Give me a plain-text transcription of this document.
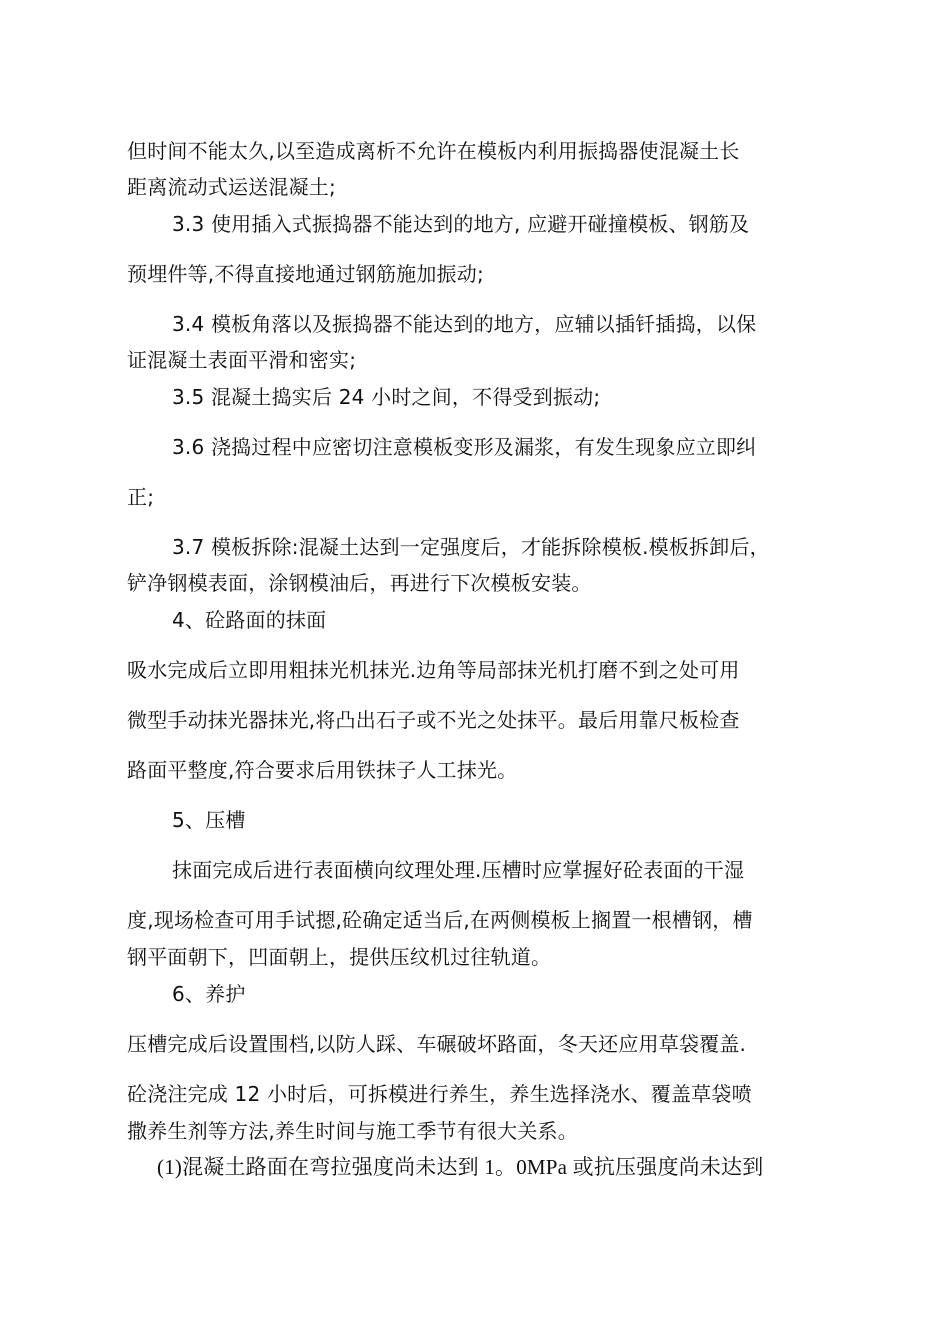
但时间不能太久,以至造成离析不允许在模板内利用振捣器使混凝土长

距离流动式运送混凝土;

3.3 使用插入式振捣器不能达到的地方, 应避开碰撞模板、钢筋及

预埋件等,不得直接地通过钢筋施加振动;

3.4 模板角落以及振捣器不能达到的地方，应辅以插钎插捣，以保

证混凝土表面平滑和密实;

3.5 混凝土捣实后 24 小时之间，不得受到振动;

3.6 浇捣过程中应密切注意模板变形及漏浆，有发生现象应立即纠

正;

3.7 模板拆除:混凝土达到一定强度后，才能拆除模板.模板拆卸后，

铲净钢模表面，涂钢模油后，再进行下次模板安装。

4、砼路面的抹面

吸水完成后立即用粗抹光机抹光.边角等局部抹光机打磨不到之处可用

微型手动抹光器抹光,将凸出石子或不光之处抹平。最后用靠尺板检查

路面平整度,符合要求后用铁抹子人工抹光。

5、压槽

抹面完成后进行表面横向纹理处理.压槽时应掌握好砼表面的干湿

度,现场检查可用手试摁,砼确定适当后,在两侧模板上搁置一根槽钢，槽

钢平面朝下，凹面朝上，提供压纹机过往轨道。

6、养护

压槽完成后设置围档,以防人踩、车碾破坏路面，冬天还应用草袋覆盖.

砼浇注完成 12 小时后，可拆模进行养生，养生选择浇水、覆盖草袋喷

撒养生剂等方法,养生时间与施工季节有很大关系。

(1)混凝土路面在弯拉强度尚未达到 1。0MPa 或抗压强度尚未达到
